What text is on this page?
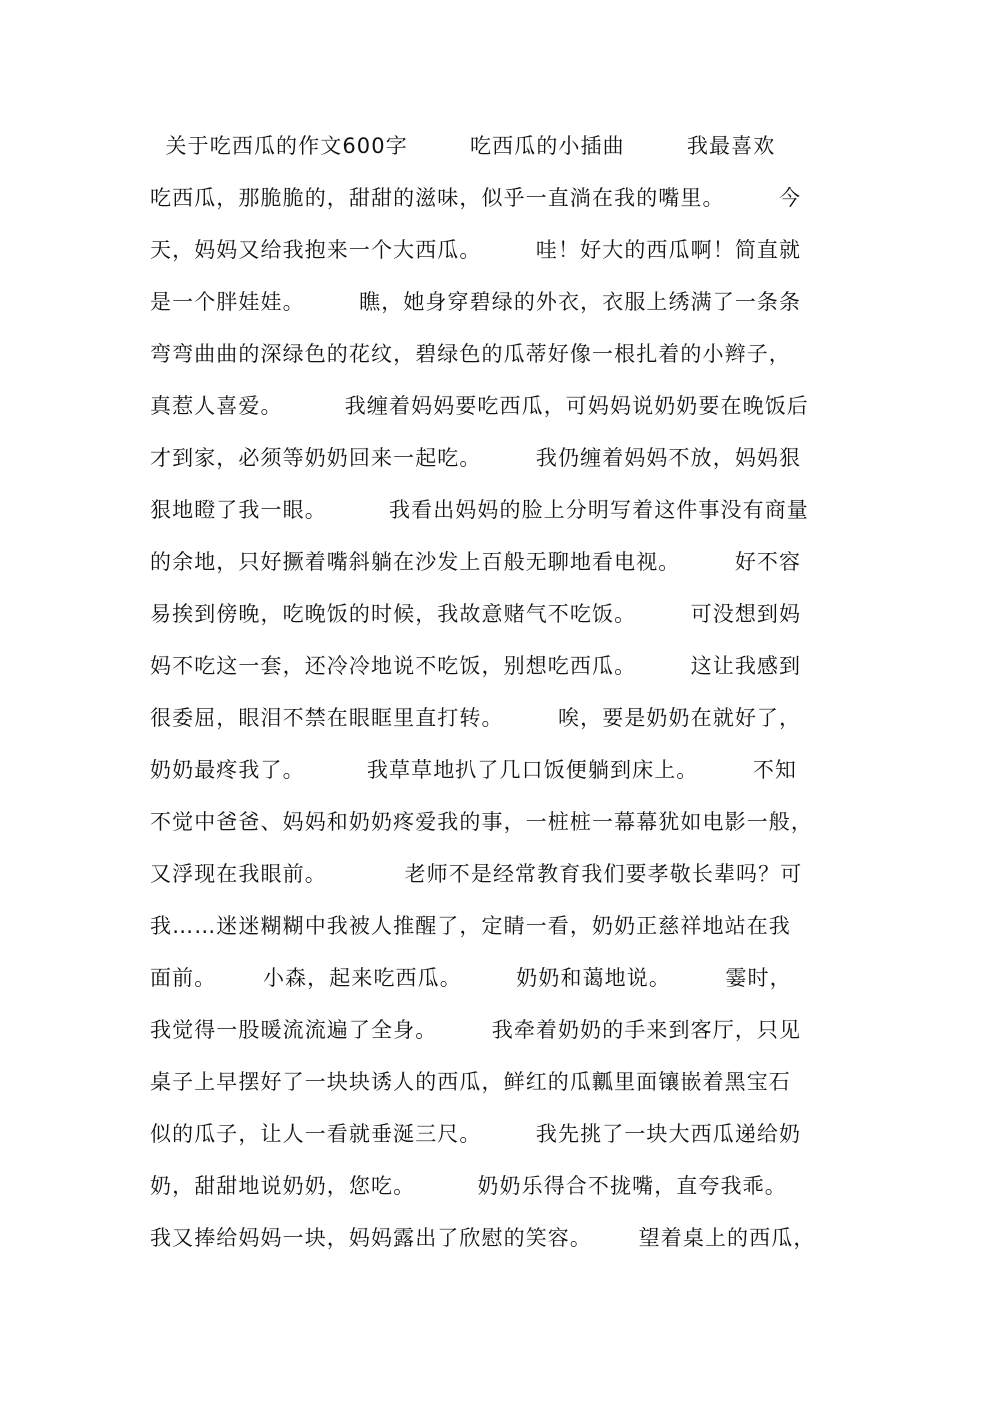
关于吃西瓜的作文600字        吃西瓜的小插曲        我最喜欢
吃西瓜，那脆脆的，甜甜的滋味，似乎一直淌在我的嘴里。       今
天，妈妈又给我抱来一个大西瓜。       哇！好大的西瓜啊！简直就
是一个胖娃娃。       瞧，她身穿碧绿的外衣，衣服上绣满了一条条
弯弯曲曲的深绿色的花纹，碧绿色的瓜蒂好像一根扎着的小辫子，
真惹人喜爱。        我缠着妈妈要吃西瓜，可妈妈说奶奶要在晚饭后
才到家，必须等奶奶回来一起吃。       我仍缠着妈妈不放，妈妈狠
狠地瞪了我一眼。        我看出妈妈的脸上分明写着这件事没有商量
的余地，只好撅着嘴斜躺在沙发上百般无聊地看电视。       好不容
易挨到傍晚，吃晚饭的时候，我故意赌气不吃饭。       可没想到妈
妈不吃这一套，还冷冷地说不吃饭，别想吃西瓜。       这让我感到
很委屈，眼泪不禁在眼眶里直打转。       唉，要是奶奶在就好了，
奶奶最疼我了。        我草草地扒了几口饭便躺到床上。       不知
不觉中爸爸、妈妈和奶奶疼爱我的事，一桩桩一幕幕犹如电影一般，
又浮现在我眼前。          老师不是经常教育我们要孝敬长辈吗？可
我……迷迷糊糊中我被人推醒了，定睛一看，奶奶正慈祥地站在我
面前。      小森，起来吃西瓜。       奶奶和蔼地说。       霎时，
我觉得一股暖流流遍了全身。       我牵着奶奶的手来到客厅，只见
桌子上早摆好了一块块诱人的西瓜，鲜红的瓜瓤里面镶嵌着黑宝石
似的瓜子，让人一看就垂涎三尺。       我先挑了一块大西瓜递给奶
奶，甜甜地说奶奶，您吃。        奶奶乐得合不拢嘴，直夸我乖。
我又捧给妈妈一块，妈妈露出了欣慰的笑容。      望着桌上的西瓜，
